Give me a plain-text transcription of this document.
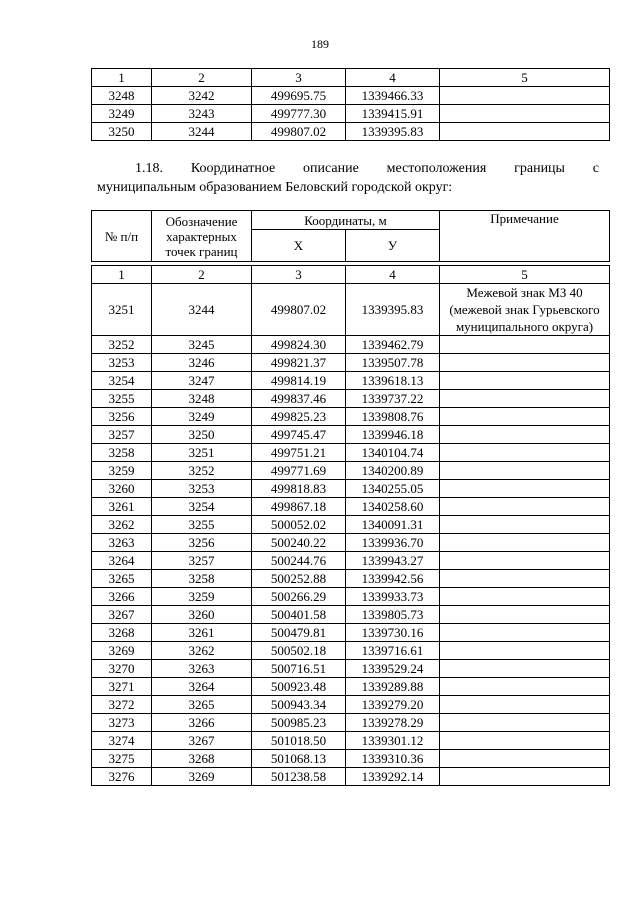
189
1	2	3	4	5
3248	3242	499695.75	1339466.33	
3249	3243	499777.30	1339415.91	
3250	3244	499807.02	1339395.83	
1.18. Координатное описание местоположения границы с
муниципальным образованием Беловский городской округ:
№ п/п	Обозначение характерных точек границ	Координаты, м		Примечание
		Х	У	
1	2	3	4	5
3251	3244	499807.02	1339395.83	Межевой знак МЗ 40 (межевой знак Гурьевского муниципального округа)
3252	3245	499824.30	1339462.79	
3253	3246	499821.37	1339507.78	
3254	3247	499814.19	1339618.13	
3255	3248	499837.46	1339737.22	
3256	3249	499825.23	1339808.76	
3257	3250	499745.47	1339946.18	
3258	3251	499751.21	1340104.74	
3259	3252	499771.69	1340200.89	
3260	3253	499818.83	1340255.05	
3261	3254	499867.18	1340258.60	
3262	3255	500052.02	1340091.31	
3263	3256	500240.22	1339936.70	
3264	3257	500244.76	1339943.27	
3265	3258	500252.88	1339942.56	
3266	3259	500266.29	1339933.73	
3267	3260	500401.58	1339805.73	
3268	3261	500479.81	1339730.16	
3269	3262	500502.18	1339716.61	
3270	3263	500716.51	1339529.24	
3271	3264	500923.48	1339289.88	
3272	3265	500943.34	1339279.20	
3273	3266	500985.23	1339278.29	
3274	3267	501018.50	1339301.12	
3275	3268	501068.13	1339310.36	
3276	3269	501238.58	1339292.14	
